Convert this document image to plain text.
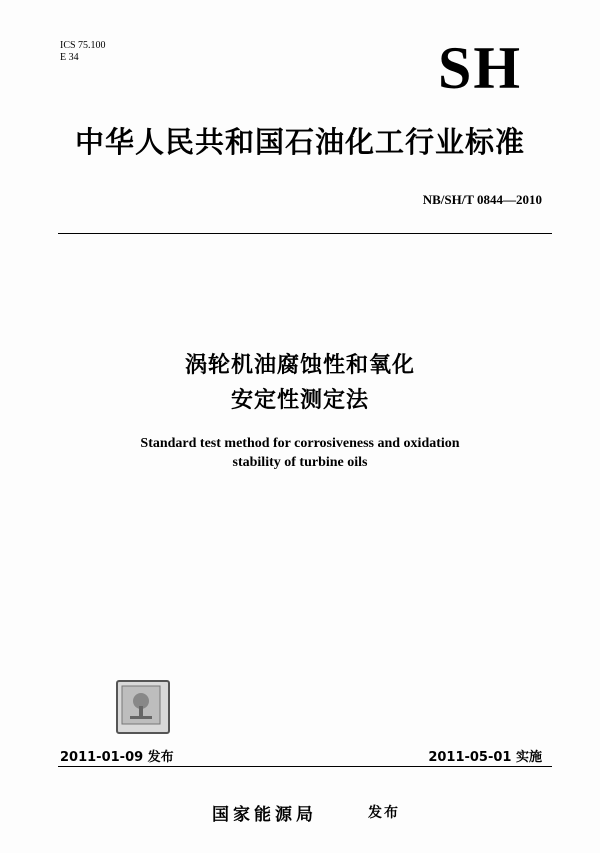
ICS 75.100
E 34	SH
中华人民共和国石油化工行业标准
NB/SH/T 0844—2010
涡轮机油腐蚀性和氧化
安定性测定法
Standard test method for corrosiveness and oxidation
stability of turbine oils
2011-01-09 发布	2011-05-01 实施
国家能源局	发布
